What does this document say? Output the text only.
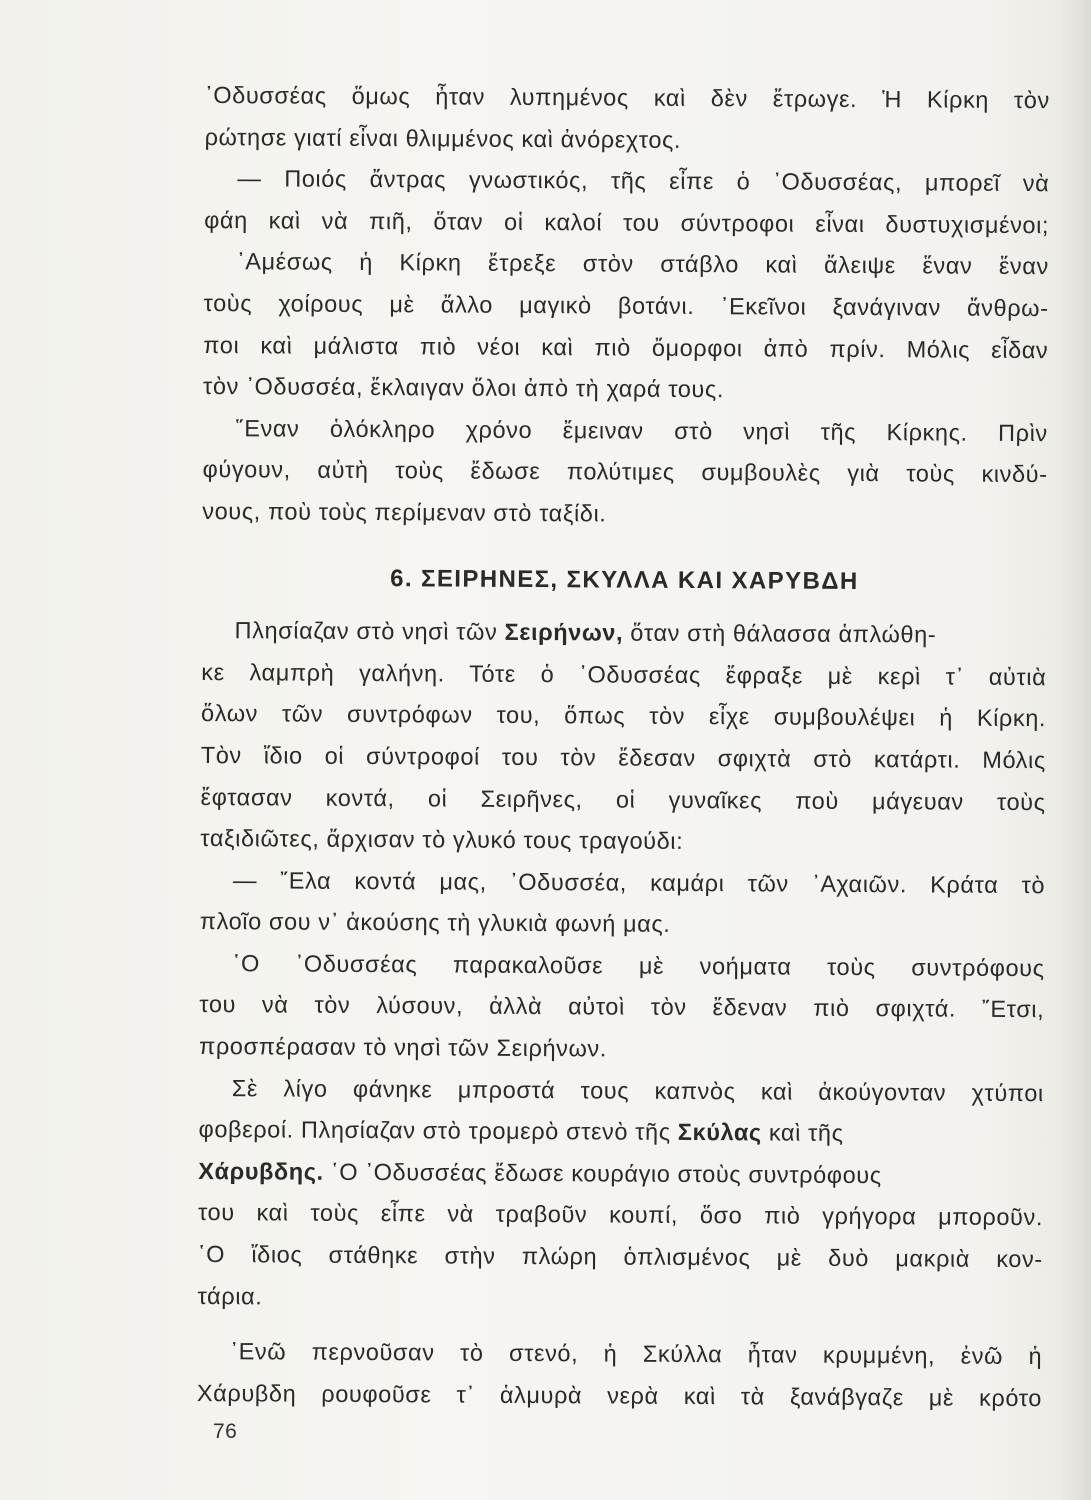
᾿Οδυσσέας ὅμως ἦταν λυπημένος καὶ δὲν ἔτρωγε. Ἡ Κίρκη τὸν
ρώτησε γιατί εἶναι θλιμμένος καὶ ἀνόρεχτος.
— Ποιός ἄντρας γνωστικός, τῆς εἶπε ὁ ᾿Οδυσσέας, μπορεῖ νὰ
φάη καὶ νὰ πιῆ, ὅταν οἱ καλοί του σύντροφοι εἶναι δυστυχισμένοι;
᾿Αμέσως ἡ Κίρκη ἔτρεξε στὸν στάβλο καὶ ἄλειψε ἕναν ἕναν
τοὺς χοίρους μὲ ἄλλο μαγικὸ βοτάνι. ᾿Εκεῖνοι ξανάγιναν ἄνθρω-
ποι καὶ μάλιστα πιὸ νέοι καὶ πιὸ ὄμορφοι ἀπὸ πρίν. Μόλις εἶδαν
τὸν ᾿Οδυσσέα, ἔκλαιγαν ὅλοι ἀπὸ τὴ χαρά τους.
῞Εναν ὁλόκληρο χρόνο ἔμειναν στὸ νησὶ τῆς Κίρκης. Πρὶν
φύγουν, αὐτὴ τοὺς ἔδωσε πολύτιμες συμβουλὲς γιὰ τοὺς κινδύ-
νους, ποὺ τοὺς περίμεναν στὸ ταξίδι.
6. ΣΕΙΡΗΝΕΣ, ΣΚΥΛΛΑ ΚΑΙ ΧΑΡΥΒΔΗ
Πλησίαζαν στὸ νησὶ τῶν Σειρήνων, ὅταν στὴ θάλασσα ἁπλώθη-
κε λαμπρὴ γαλήνη. Τότε ὁ ᾿Οδυσσέας ἔφραξε μὲ κερὶ τ᾿ αὐτιὰ
ὅλων τῶν συντρόφων του, ὅπως τὸν εἶχε συμβουλέψει ἡ Κίρκη.
Τὸν ἴδιο οἱ σύντροφοί του τὸν ἔδεσαν σφιχτὰ στὸ κατάρτι. Μόλις
ἔφτασαν κοντά, οἱ Σειρῆνες, οἱ γυναῖκες ποὺ μάγευαν τοὺς
ταξιδιῶτες, ἄρχισαν τὸ γλυκό τους τραγούδι:
— ῎Ελα κοντά μας, ᾿Οδυσσέα, καμάρι τῶν ᾿Αχαιῶν. Κράτα τὸ
πλοῖο σου ν᾿ ἀκούσης τὴ γλυκιὰ φωνή μας.
῾Ο ᾿Οδυσσέας παρακαλοῦσε μὲ νοήματα τοὺς συντρόφους
του νὰ τὸν λύσουν, ἀλλὰ αὐτοὶ τὸν ἔδεναν πιὸ σφιχτά. ῎Ετσι,
προσπέρασαν τὸ νησὶ τῶν Σειρήνων.
Σὲ λίγο φάνηκε μπροστά τους καπνὸς καὶ ἀκούγονταν χτύποι
φοβεροί. Πλησίαζαν στὸ τρομερὸ στενὸ τῆς Σκύλας καὶ τῆς
Χάρυβδης. ῾Ο ᾿Οδυσσέας ἔδωσε κουράγιο στοὺς συντρόφους
του καὶ τοὺς εἶπε νὰ τραβοῦν κουπί, ὅσο πιὸ γρήγορα μποροῦν.
῾Ο ἴδιος στάθηκε στὴν πλώρη ὁπλισμένος μὲ δυὸ μακριὰ κον-
τάρια.
᾿Ενῶ περνοῦσαν τὸ στενό, ἡ Σκύλλα ἦταν κρυμμένη, ἐνῶ ἡ
Χάρυβδη ρουφοῦσε τ᾿ ἁλμυρὰ νερὰ καὶ τὰ ξανάβγαζε μὲ κρότο
76
